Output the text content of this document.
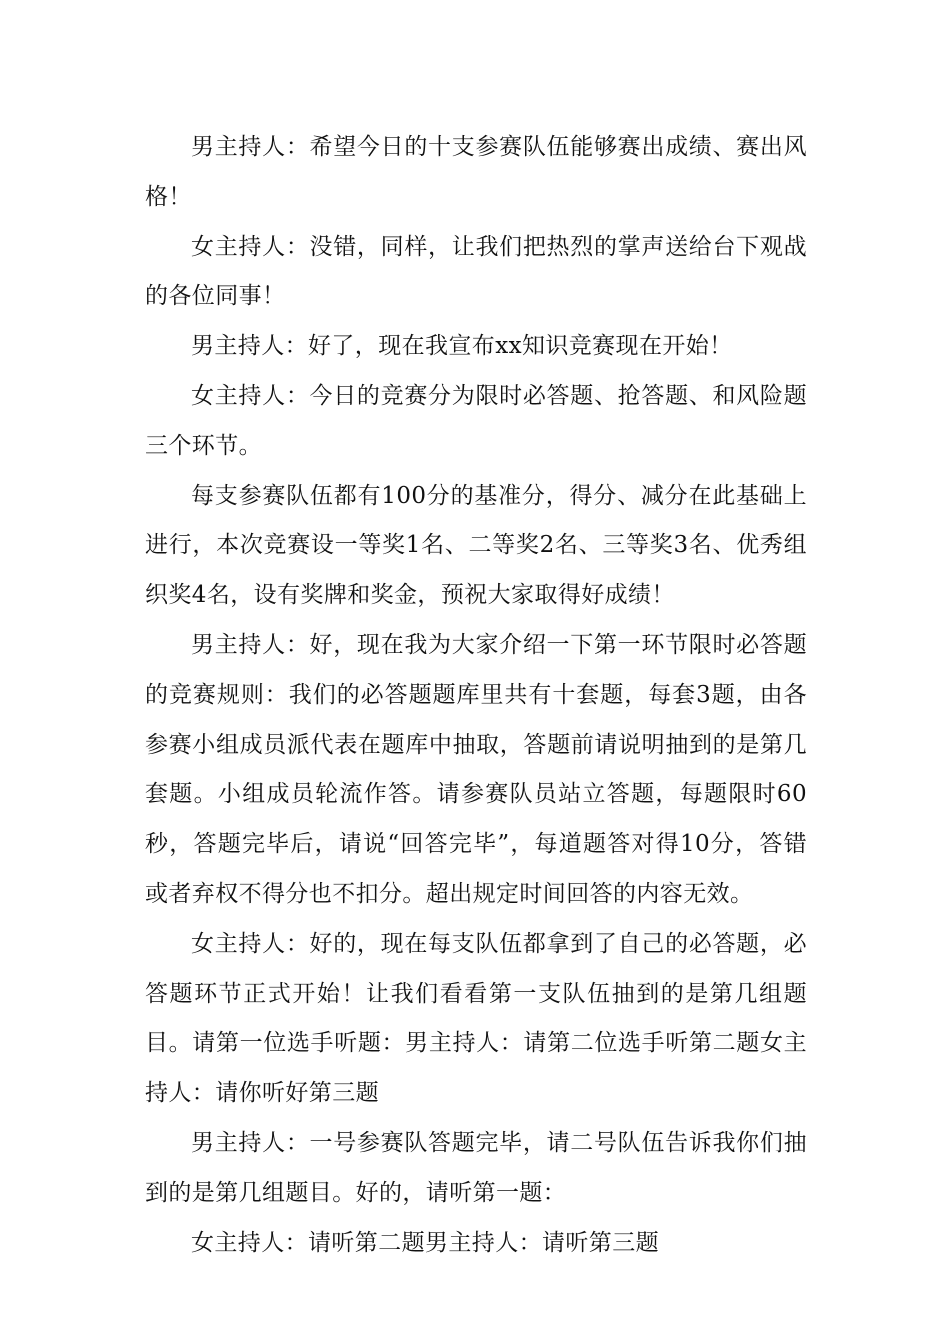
男主持人：希望今日的十支参赛队伍能够赛出成绩、赛出风格！

女主持人：没错，同样，让我们把热烈的掌声送给台下观战的各位同事！

男主持人：好了，现在我宣布xx知识竞赛现在开始！

女主持人：今日的竞赛分为限时必答题、抢答题、和风险题三个环节。

每支参赛队伍都有100分的基准分，得分、减分在此基础上进行，本次竞赛设一等奖1名、二等奖2名、三等奖3名、优秀组织奖4名，设有奖牌和奖金，预祝大家取得好成绩！

男主持人：好，现在我为大家介绍一下第一环节限时必答题的竞赛规则：我们的必答题题库里共有十套题，每套3题，由各参赛小组成员派代表在题库中抽取，答题前请说明抽到的是第几套题。小组成员轮流作答。请参赛队员站立答题，每题限时60秒，答题完毕后，请说“回答完毕”，每道题答对得10分，答错或者弃权不得分也不扣分。超出规定时间回答的内容无效。

女主持人：好的，现在每支队伍都拿到了自己的必答题，必答题环节正式开始！让我们看看第一支队伍抽到的是第几组题目。请第一位选手听题：男主持人：请第二位选手听第二题女主持人：请你听好第三题

男主持人：一号参赛队答题完毕，请二号队伍告诉我你们抽到的是第几组题目。好的，请听第一题：

女主持人：请听第二题男主持人：请听第三题
